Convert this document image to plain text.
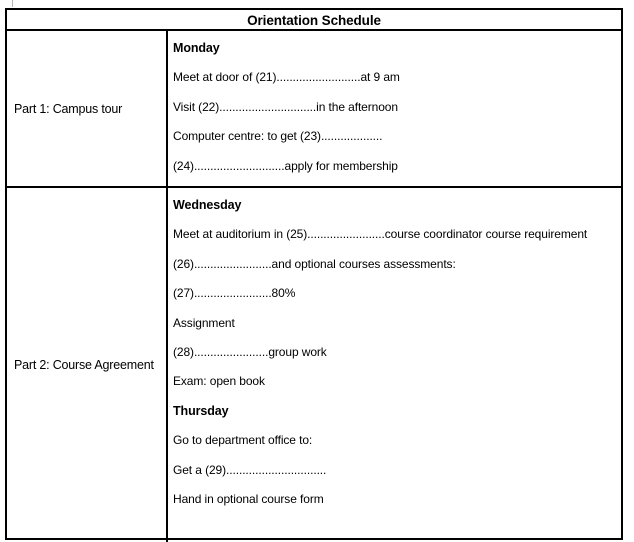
Orientation Schedule
Part 1: Campus tour
Monday
Meet at door of (21)..........................at 9 am
Visit (22)..............................in the afternoon
Computer centre: to get (23)...................
(24)............................apply for membership
Part 2: Course Agreement
Wednesday
Meet at auditorium in (25)........................course coordinator course requirement
(26)........................and optional courses assessments:
(27)........................80%
Assignment
(28).......................group work
Exam: open book
Thursday
Go to department office to:
Get a (29)...............................
Hand in optional course form
